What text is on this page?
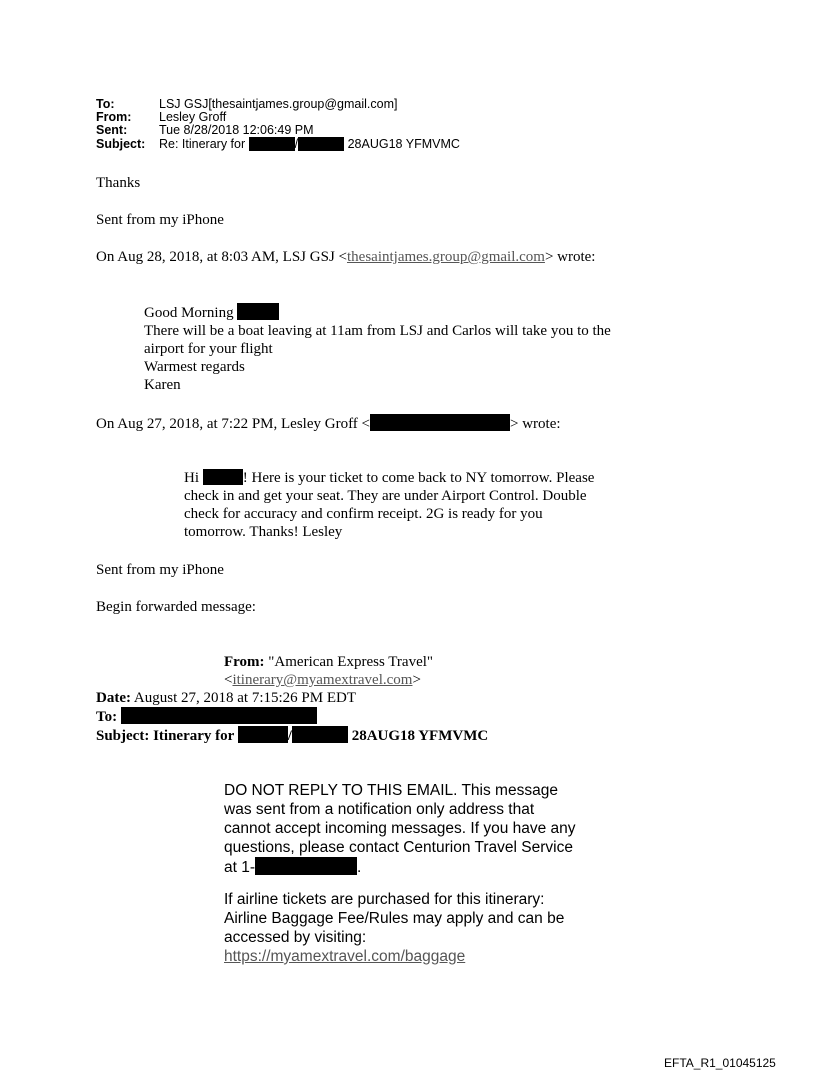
To:	LSJ GSJ[thesaintjames.group@gmail.com]
From: Lesley Groff
Sent:	Tue 8/28/2018 12:06:49 PM
Subject: Re: Itinerary for	/	28AUG18 YFMVMC
Thanks
Sent from my iPhone
On Aug 28, 2018, at 8:03 AM, LSJ GSJ <thesaintjames.group@gmail.com> wrote:
Good Morning
There will be a boat leaving at 11am from LSJ and Carlos will take you to the
airport for your flight
Warmest regards
Karen
On Aug 27, 2018, at 7:22 PM, Lesley Groff <	> wrote:
Hi	! Here is your ticket to come back to NY tomorrow. Please
check in and get your seat. They are under Airport Control. Double
check for accuracy and confirm receipt. 2G is ready for you
tomorrow. Thanks! Lesley
Sent from my iPhone
Begin forwarded message:
From: "American Express Travel"
<itinerary@myamextravel.com>
Date: August 27, 2018 at 7:15:26 PM EDT
To:
Subject: Itinerary for	/	28AUG18 YFMVMC
DO NOT REPLY TO THIS EMAIL. This message
was sent from a notification only address that
cannot accept incoming messages. If you have any
questions, please contact Centurion Travel Service
at 1-	.
If airline tickets are purchased for this itinerary:
Airline Baggage Fee/Rules may apply and can be
accessed by visiting:
https://myamextravel.com/baggage
EFTA_R1_01045125
